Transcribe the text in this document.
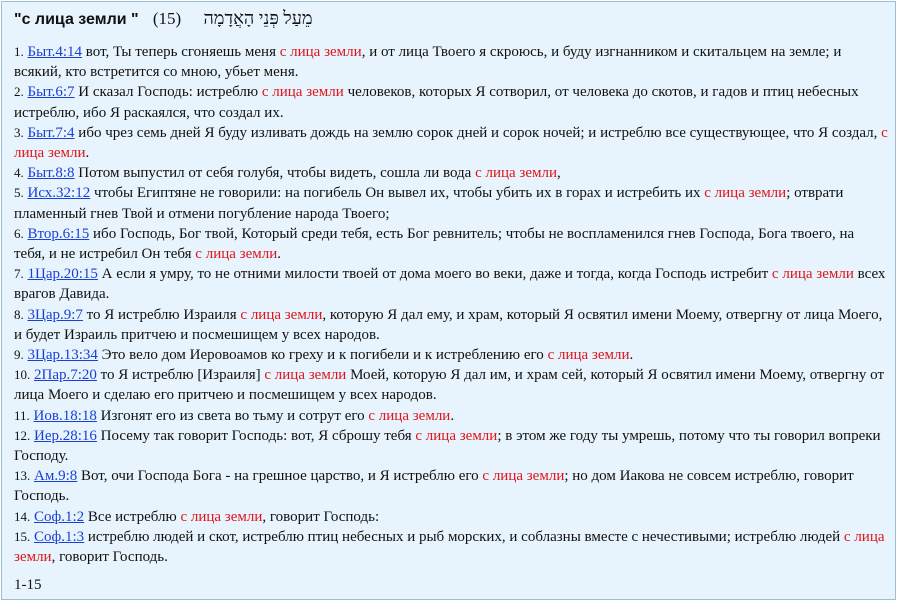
"с лица земли " (15) מֵעַל פְּנֵי הָאֲדָמָה

1. Быт.4:14 вот, Ты теперь сгоняешь меня с лица земли, и от лица Твоего я скроюсь, и буду изгнанником и скитальцем на земле; и всякий, кто встретится со мною, убьет меня.

2. Быт.6:7 И сказал Господь: истреблю с лица земли человеков, которых Я сотворил, от человека до скотов, и гадов и птиц небесных истреблю, ибо Я раскаялся, что создал их.

3. Быт.7:4 ибо чрез семь дней Я буду изливать дождь на землю сорок дней и сорок ночей; и истреблю все существующее, что Я создал, с лица земли.

4. Быт.8:8 Потом выпустил от себя голубя, чтобы видеть, сошла ли вода с лица земли,

5. Исх.32:12 чтобы Египтяне не говорили: на погибель Он вывел их, чтобы убить их в горах и истребить их с лица земли; отврати пламенный гнев Твой и отмени погубление народа Твоего;

6. Втор.6:15 ибо Господь, Бог твой, Который среди тебя, есть Бог ревнитель; чтобы не воспламенился гнев Господа, Бога твоего, на тебя, и не истребил Он тебя с лица земли.

7. 1Цар.20:15 А если я умру, то не отними милости твоей от дома моего во веки, даже и тогда, когда Господь истребит с лица земли всех врагов Давида.

8. 3Цар.9:7 то Я истреблю Израиля с лица земли, которую Я дал ему, и храм, который Я освятил имени Моему, отвергну от лица Моего, и будет Израиль притчею и посмешищем у всех народов.

9. 3Цар.13:34 Это вело дом Иеровоамов ко греху и к погибели и к истреблению его с лица земли.

10. 2Пар.7:20 то Я истреблю [Израиля] с лица земли Моей, которую Я дал им, и храм сей, который Я освятил имени Моему, отвергну от лица Моего и сделаю его притчею и посмешищем у всех народов.

11. Иов.18:18 Изгонят его из света во тьму и сотрут его с лица земли.

12. Иер.28:16 Посему так говорит Господь: вот, Я сброшу тебя с лица земли; в этом же году ты умрешь, потому что ты говорил вопреки Господу.

13. Ам.9:8 Вот, очи Господа Бога - на грешное царство, и Я истреблю его с лица земли; но дом Иакова не совсем истреблю, говорит Господь.

14. Соф.1:2 Все истреблю с лица земли, говорит Господь:

15. Соф.1:3 истреблю людей и скот, истреблю птиц небесных и рыб морских, и соблазны вместе с нечестивыми; истреблю людей с лица земли, говорит Господь.

1-15
